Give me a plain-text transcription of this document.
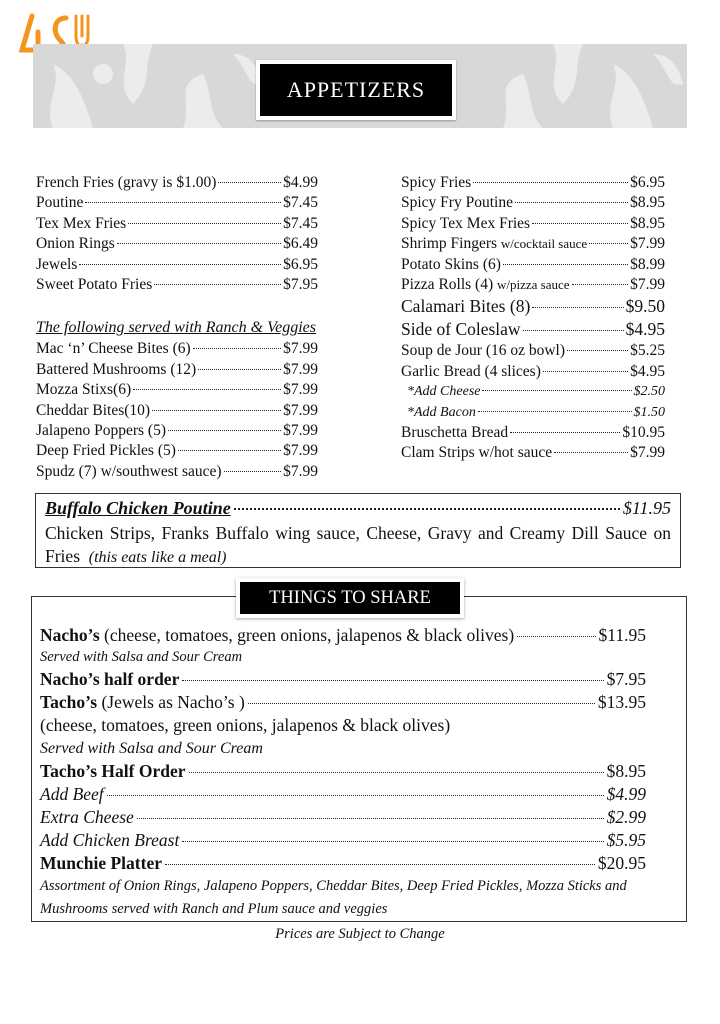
APPETIZERS
French Fries (gravy is $1.00)	$4.99
Poutine	$7.45
Tex Mex Fries	$7.45
Onion Rings	$6.49
Jewels	$6.95
Sweet Potato Fries	$7.95
The following served with Ranch & Veggies
Mac ‘n’ Cheese Bites (6)	$7.99
Battered Mushrooms (12)	$7.99
Mozza Stixs(6)	$7.99
Cheddar Bites(10)	$7.99
Jalapeno Poppers (5)	$7.99
Deep Fried Pickles (5)	$7.99
Spudz (7) w/southwest sauce)	$7.99
Spicy Fries	$6.95
Spicy Fry Poutine	$8.95
Spicy Tex Mex Fries	$8.95
Shrimp Fingers
w/cocktail sauce	$7.99
Potato Skins (6)	$8.99
Pizza Rolls (4)
w/pizza sauce	$7.99
Calamari Bites (8)	$9.50
Side of Coleslaw	$4.95
Soup de Jour (16 oz bowl)	$5.25
Garlic Bread (4 slices)	$4.95
*Add Cheese	$2.50
*Add Bacon	$1.50
Bruschetta Bread	$10.95
Clam Strips w/hot sauce	$7.99
Buffalo Chicken Poutine	$11.95
Chicken Strips, Franks Buffalo wing sauce, Cheese, Gravy and Creamy Dill Sauce on Fries (this eats like a meal)
THINGS TO SHARE
Nacho’s
(cheese, tomatoes, green onions, jalapenos & black olives)	$11.95
Served with Salsa and Sour Cream
Nacho’s half order	$7.95
Tacho’s
(Jewels as Nacho’s )	$13.95
(cheese, tomatoes, green onions, jalapenos & black olives)
Served with Salsa and Sour Cream
Tacho’s Half Order	$8.95
Add Beef	$4.99
Extra Cheese	$2.99
Add Chicken Breast	$5.95
Munchie Platter	$20.95
Assortment of Onion Rings, Jalapeno Poppers, Cheddar Bites, Deep Fried Pickles, Mozza Sticks and Mushrooms served with Ranch and Plum sauce and veggies
Prices are Subject to Change
